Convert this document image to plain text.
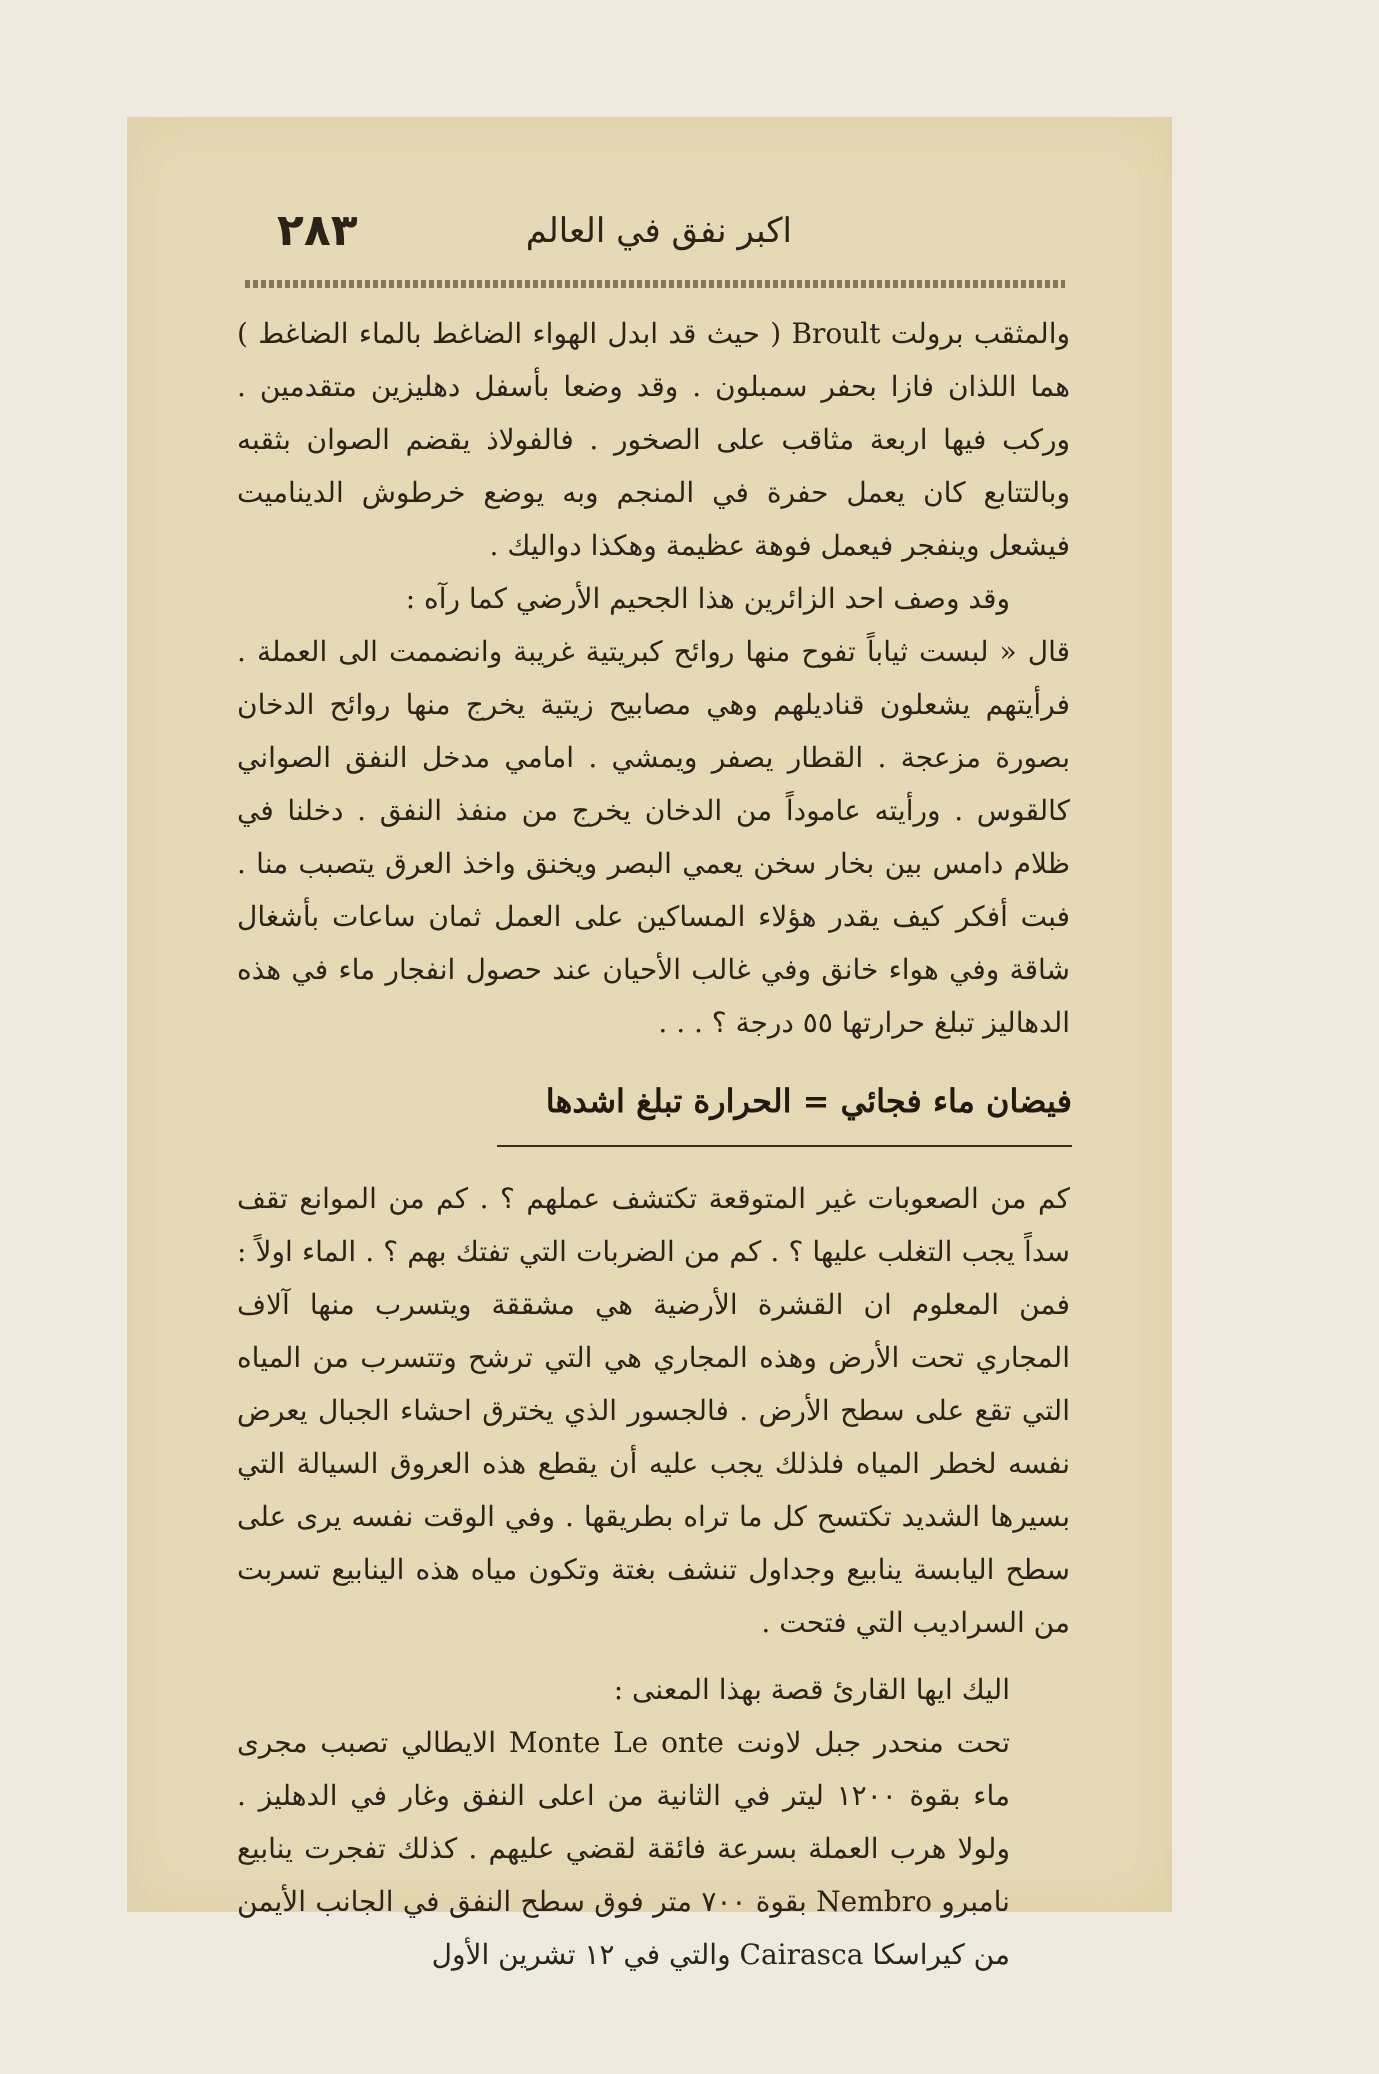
٢٨٣	اكبر نفق في العالم

والمثقب برولت Broult ( حيث قد ابدل الهواء الضاغط بالماء الضاغط ) هما اللذان فازا بحفر سمبلون . وقد وضعا بأسفل دهليزين متقدمين . وركب فيها اربعة مثاقب على الصخور . فالفولاذ يقضم الصوان بثقبه وبالتتابع كان يعمل حفرة في المنجم وبه يوضع خرطوش الديناميت فيشعل وينفجر فيعمل فوهة عظيمة وهكذا دواليك .

وقد وصف احد الزائرين هذا الجحيم الأرضي كما رآه :

قال « لبست ثياباً تفوح منها روائح كبريتية غريبة وانضممت الى العملة . فرأيتهم يشعلون قناديلهم وهي مصابيح زيتية يخرج منها روائح الدخان بصورة مزعجة . القطار يصفر ويمشي . امامي مدخل النفق الصواني كالقوس . ورأيته عاموداً من الدخان يخرج من منفذ النفق . دخلنا في ظلام دامس بين بخار سخن يعمي البصر ويخنق واخذ العرق يتصبب منا . فبت أفكر كيف يقدر هؤلاء المساكين على العمل ثمان ساعات بأشغال شاقة وفي هواء خانق وفي غالب الأحيان عند حصول انفجار ماء في هذه الدهاليز تبلغ حرارتها ٥٥ درجة ؟ . . .

فيضان ماء فجائي = الحرارة تبلغ اشدها

كم من الصعوبات غير المتوقعة تكتشف عملهم ؟ . كم من الموانع تقف سداً يجب التغلب عليها ؟ . كم من الضربات التي تفتك بهم ؟ . الماء اولاً : فمن المعلوم ان القشرة الأرضية هي مشققة ويتسرب منها آلاف المجاري تحت الأرض وهذه المجاري هي التي ترشح وتتسرب من المياه التي تقع على سطح الأرض . فالجسور الذي يخترق احشاء الجبال يعرض نفسه لخطر المياه فلذلك يجب عليه أن يقطع هذه العروق السيالة التي بسيرها الشديد تكتسح كل ما تراه بطريقها . وفي الوقت نفسه يرى على سطح اليابسة ينابيع وجداول تنشف بغتة وتكون مياه هذه الينابيع تسربت من السراديب التي فتحت .

اليك ايها القارئ قصة بهذا المعنى :

تحت منحدر جبل لاونت Monte Le onte الايطالي تصبب مجرى ماء بقوة ١٢٠٠ ليتر في الثانية من اعلى النفق وغار في الدهليز . ولولا هرب العملة بسرعة فائقة لقضي عليهم . كذلك تفجرت ينابيع نامبرو Nembro بقوة ٧٠٠ متر فوق سطح النفق في الجانب الأيمن من كيراسكا Cairasca والتي في ١٢ تشرين الأول
